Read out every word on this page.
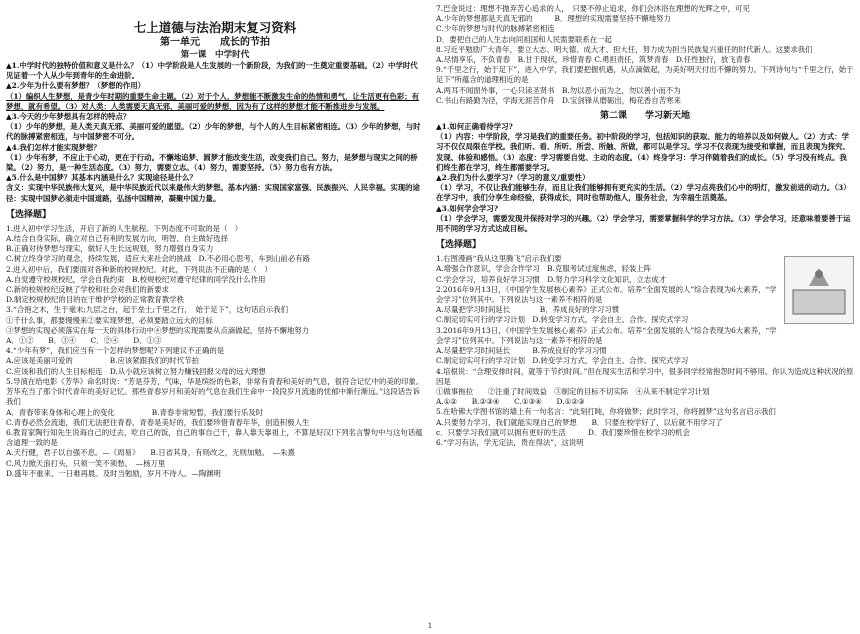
七上道德与法治期末复习资料
第一单元　　成长的节拍
第一课　中学时代

▲1.中学时代的独特价值和意义是什么？（1）中学阶段是人生发展的一个新阶段，为我们的一生奠定重要基础。（2）中学时代见证着一个人从少年到青年的生命进阶。

▲2.少年为什么要有梦想？（梦想的作用）

（1）编织人生梦想，是青少年时期的重要生命主题。（2）对于个人，梦想能不断激发生命的热情和勇气，让生活更有色彩；有梦想，就有希望。（3）对人类：人类需要天真无邪、美丽可爱的梦想，因为有了这样的梦想才能不断推进步与发展。

▲3.今天的少年梦想具有怎样的特点？

（1）少年的梦想，是人类天真无邪、美丽可爱的愿望。（2）少年的梦想，与个人的人生目标紧密相连。（3）少年的梦想，与时代的脉搏紧密相连，与中国梦密不可分。

▲4.我们怎样才能实现梦想？

（1）少年有梦，不应止于心动，更在于行动。不懈地追梦、圆梦才能改变生活，改变我们自己。努力，是梦想与现实之间的桥梁。（2）努力，是一种生活态度。（3）努力，需要立志。（4）努力，需要坚持。（5）努力也有方法。

▲5.什么是中国梦？其基本内涵是什么？实现途径是什么？

含义：实现中华民族伟大复兴，是中华民族近代以来最伟大的梦想。基本内涵：实现国家富强、民族振兴、人民幸福。实现的途径：实现中国梦必须走中国道路，弘扬中国精神，凝聚中国力量。

【选择题】

1.进入初中学习生活，开启了新的人生航程。下列态度不可取的是（　）

A.结合自身实际，确立对自己有利的发展方向，明智、自主做好选择

B.正确对待梦想与现实，做好人生长远规划，努力增强自身实力

C.树立终身学习的观念，持续发展，适应大来社会的挑战　D.不必用心思考，车到山前必有路

2.进入初中后，我们要面对各种新的校规校纪。对此，下列说法不正确的是（　）

A.自觉遵守校规校纪，学会自我约束　B.校规校纪对遵守纪律的同学没什么作用

C.新的校规校纪反映了学校和社会对我们的新要求

D.制定校规校纪的目的在于维护学校的正常教育教学秩

3.“合抱之木，生于毫末;九层之台，起于垒土;千里之行，　始于足下”，这句话启示我们

①千什么事，都要慢慢来②要实现梦想，必须要踏立远大的目标

③梦想的实现必须落实在每一天的具体行动中④梦想的实现需要从点滴做起，坚持不懈地努力

A．①②　　B．③④　　C．②④　　D．①③

4.“少年有梦”，我们应当有一个怎样的梦想呢?下列建议不正确的是

A.应该是美丽可爱的　　　　　B.应该紧跟我们的时代节拍

C.应该和我们的人生目标相连　D.从小就应该树立努力赚钱回报父母的远大理想

5.导演在给电影《芳华》命名时说：“芳是芬芳，气味，华是缤纷的色彩，非常有青春和美好的气息，很符合记忆中的美的印象。芳华充当了那个时代青年的美好记忆。那些青春岁月和美好的气息在我们生命中一段段岁月流逝的忧郁中渐行渐远。”这段话告诉我们

A．青春带来身体和心理上的变化　　　　　B.青春非常短暂，我们要行乐及时

C.青春必然会流逝，我们无法把住青春，青春是美好的，我们要珍惜青春年华，创造积极人生

6.教育家陶行知先生说诲自己的过去，吃自己的饭，自己的事自己干，靠人靠天靠祖上，不算是好汉!下列名言警句中与这句话蕴含道理一致的是

A.天行健，君子以自强不息。—《周易》　　B.日省其身，有则改之，无则加勉。　—朱熹

C.风力掀天浪打头，只须一笑不须愁。　—杨万里

D.盛年不重来，一日难再晨。及时当勉励，岁月不待人。—陶渊明

7.巴金说过：理想不抛弃苦心追求的人，　只要不停止追求，你们会沐浴在理想的光辉之中，可见

A.少年的梦想都是天真无邪的　　　B．理想的实现需要坚持不懈地努力

C.少年的梦想与时代的脉搏紧密相连

D．要把自己的人生志向同祖国和人民需要联系在一起

8.习近平勉励广大青年，要立大志、明大德、成大才、担大任，努力成为担当民族复兴重任的时代新人。这要求我们

A.尽情享乐，不负青春　B.甘于现状，珍惜青春 C.勇担责任，筑梦青春　D.任性独行，放飞青春

9.“千里之行，始于足下”，进入中学，我们要把握机遇，从点滴做起，为美好明天付出不懈的努力。下列诗句与“千里之行，始于足下”所蕴含的道理相近的是

A.两耳不闻窗外事，一心只读圣贤书　B.勿以恶小而为之，勿以善小而不为

C.书山有路勤为径，学海无涯苦作舟　D.宝剑锋从磨砺出，梅花香自苦寒来

第二课　　学习新天地

▲1.如何正确看待学习?

（1）内容：中学阶段，学习是我们的重要任务。初中阶段的学习，包括知识的获取、能力的培养以及如何做人。（2）方式：学习不仅仅局限在学校。我们听、看、所听、所尝、所触、所做，都可以是学习。学习不仅表现为接受和掌握，而且表现为探究、发现、体验和感悟。（3）态度：学习需要自觉、主动的态度。（4）终身学习：学习伴随着我们的成长。（5）学习没有终点。我们终生都在学习，终生都需要学习。

▲2.我们为什么要学习?（学习的意义/重要性）

（1）学习，不仅让我们能够生存，而且让我们能够拥有更充实的生活。（2）学习点亮我们心中的明灯，激发前进的动力。（3）在学习中，我们分享生命经验，获得成长，同时也帮助他人，服务社会，为幸福生活奠基。

▲3.如何学会学习?

（1）学会学习，需要发现并保持对学习的兴趣。（2）学会学习，需要掌握科学的学习方法。（3）学会学习，还意味着要善于运用不同的学习方式达成目标。

【选择题】

1.右图漫画“我从这里腾飞”启示我们要

A.增强合作意识，学会合作学习　B.克服考试过度焦虑，轻装上阵

C.学会学习，培养良好学习习惯　D.努力学习科学文化知识，立志成才

2.2016年9月13日，《中国学生发展核心素养》正式公布。培养“全面发展的人”综合表现为6大素养，“学会学习”位列其中。下列说法与这一素养不相符的是

A.尽量把学习时间延长　　　　B．养成良好的学习习惯

C.制定切实可行的学习计划　D.转变学习方式，学会自主、合作、探究式学习

3.2016年9月13日，《中国学生发展核心素养》正式公布。培养“全面发展的人”综合表现为6大素养，“学会学习”位列其中。下列说法与这一素养不相符的是

A.尽量把学习时间延长　　　B.养成良好的学习习惯

C.制定切实可行的学习计划　D.转变学习方式，学会自主、合作、探究式学习

4.培根说：“合理安排时间，就等于节约时间。”但在现实生活和学习中，很多同学经常抱怨时间不够用。你认为造成这种状况的原因是

①做事拖拉　　②注重了时间效益　③制定的目标不切实际　④从来不制定学习计划

A.①②　　B.②③④　　C.①③④　　D.①②③

5.在哈佛大学图书馆的墙上有一句名言：“此刻打盹，你将做梦；此时学习，你将圆梦”这句名言启示我们

A.只要努力学习，我们就能实现自己的梦想　　B．只要在校学好了，以后就不用学习了

c．只要学习我们就可以拥有更好的生活　　　D．我们要珍惜在校学习的机会

6.“学习有法，学无定法，贵在得法”，这说明

1
